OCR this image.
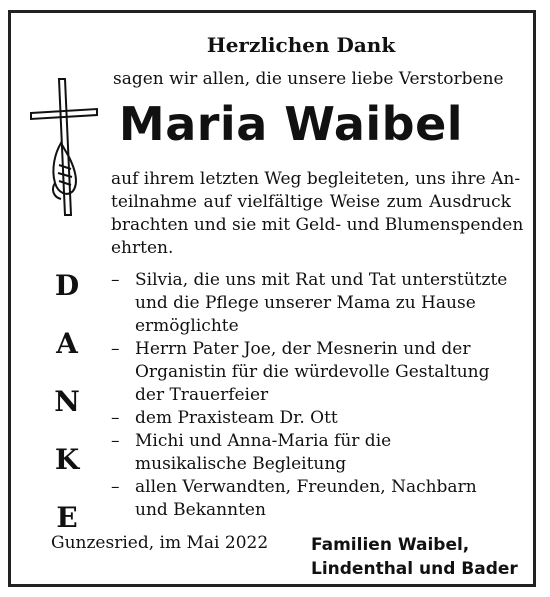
Herzlichen Dank
sagen wir allen, die unsere liebe Verstorbene
Maria Waibel
auf ihrem letzten Weg begleiteten, uns ihre An-
teilnahme auf vielfältige Weise zum Ausdruck
brachten und sie mit Geld- und Blumenspenden
ehrten.
D
A
N
K
E
– Silvia, die uns mit Rat und Tat unterstützte
und die Pflege unserer Mama zu Hause
ermöglichte
– Herrn Pater Joe, der Mesnerin und der
Organistin für die würdevolle Gestaltung
der Trauerfeier
– dem Praxisteam Dr. Ott
– Michi und Anna-Maria für die
musikalische Begleitung
– allen Verwandten, Freunden, Nachbarn
und Bekannten
Gunzesried, im Mai 2022	Familien Waibel,
Lindenthal und Bader
